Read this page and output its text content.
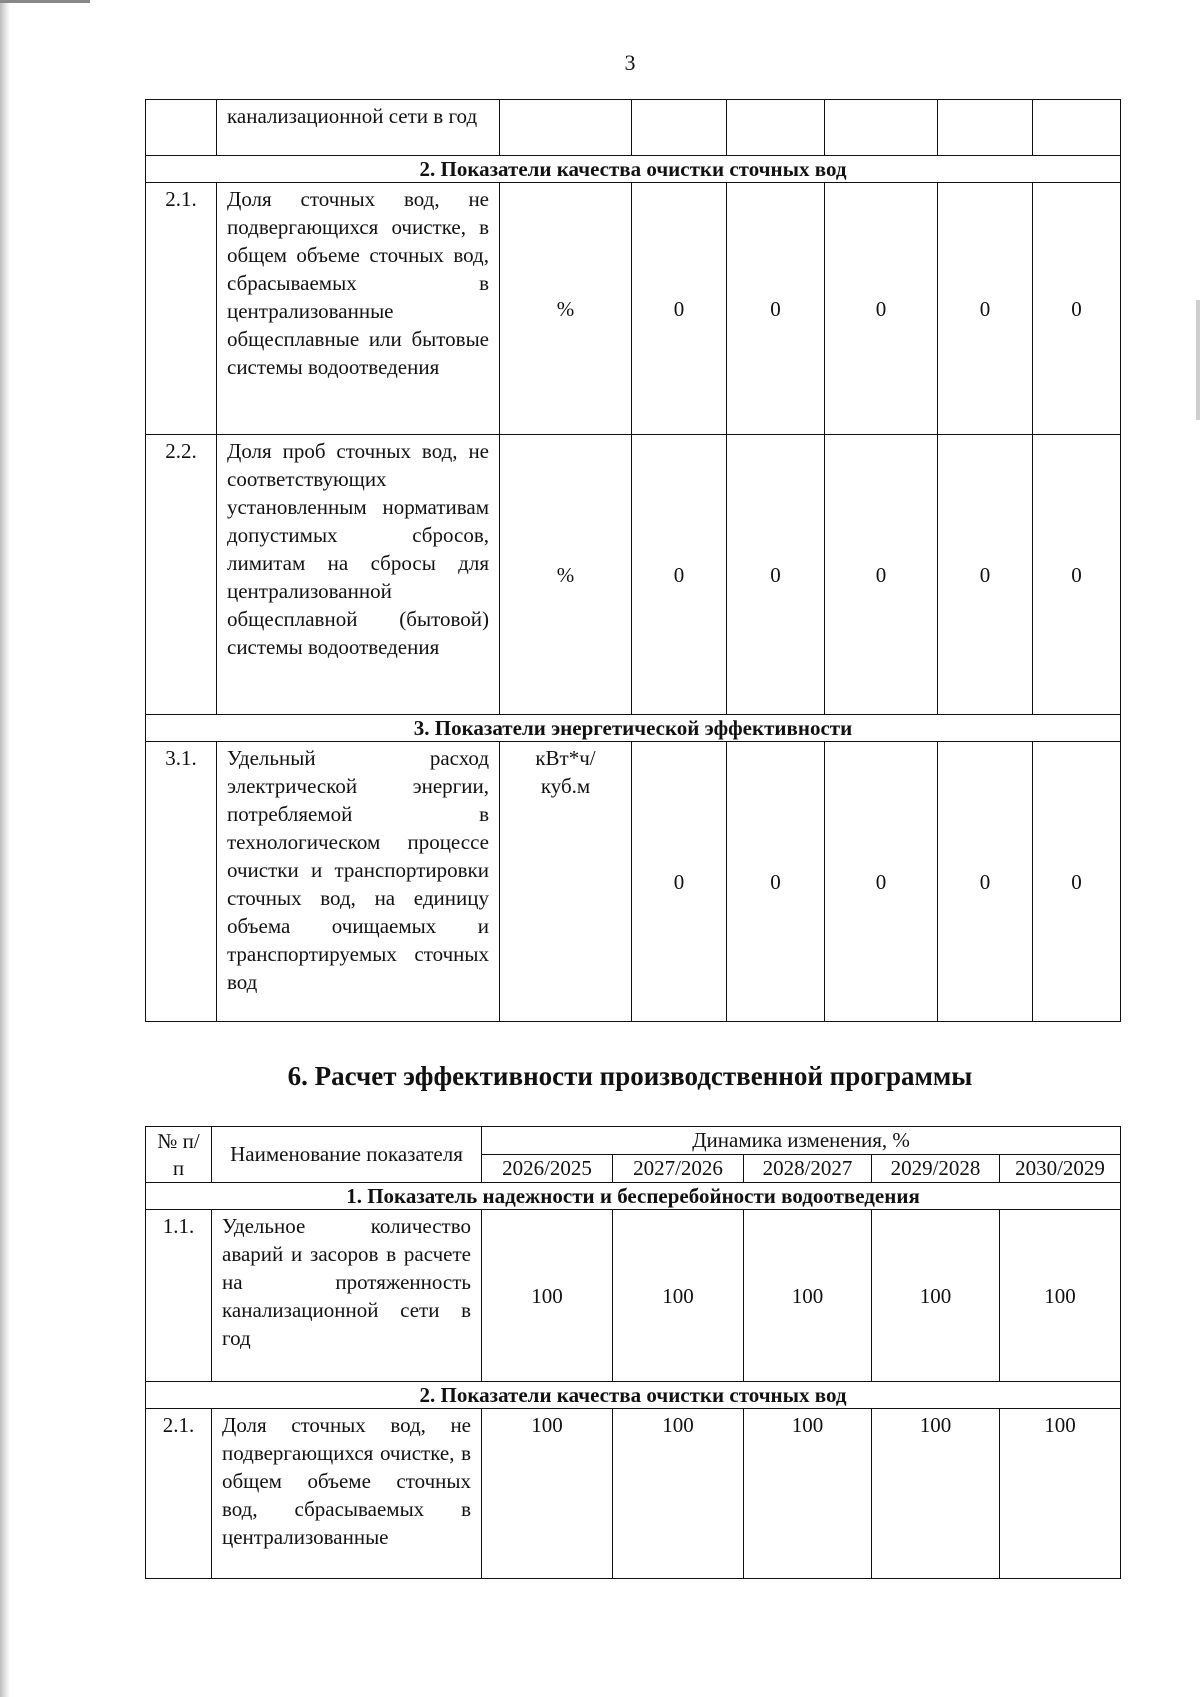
3
	канализационной сети в год						
2. Показатели качества очистки сточных вод							
2.1.	Доля сточных вод, не подвергающихся очистке, в общем объеме сточных вод, сбрасываемых в централизованные общесплавные или бытовые системы водоотведения	%	0	0	0	0	0
2.2.	Доля проб сточных вод, не соответствующих установленным нормативам допустимых сбросов, лимитам на сбросы для централизованной общесплавной (бытовой) системы водоотведения	%	0	0	0	0	0
3. Показатели энергетической эффективности							
3.1.	Удельный расход электрической энергии, потребляемой в технологическом процессе очистки и транспортировки сточных вод, на единицу объема очищаемых и транспортируемых сточных вод	кВт*ч/ куб.м	0	0	0	0	0
6. Расчет эффективности производственной программы
№ п/п	Наименование показателя	Динамика изменения, %				
		2026/2025	2027/2026	2028/2027	2029/2028	2030/2029
1. Показатель надежности и бесперебойности водоотведения						
1.1.	Удельное количество аварий и засоров в расчете на протяженность канализационной сети в год	100	100	100	100	100
2. Показатели качества очистки сточных вод						
2.1.	Доля сточных вод, не подвергающихся очистке, в общем объеме сточных вод, сбрасываемых в централизованные	100	100	100	100	100
